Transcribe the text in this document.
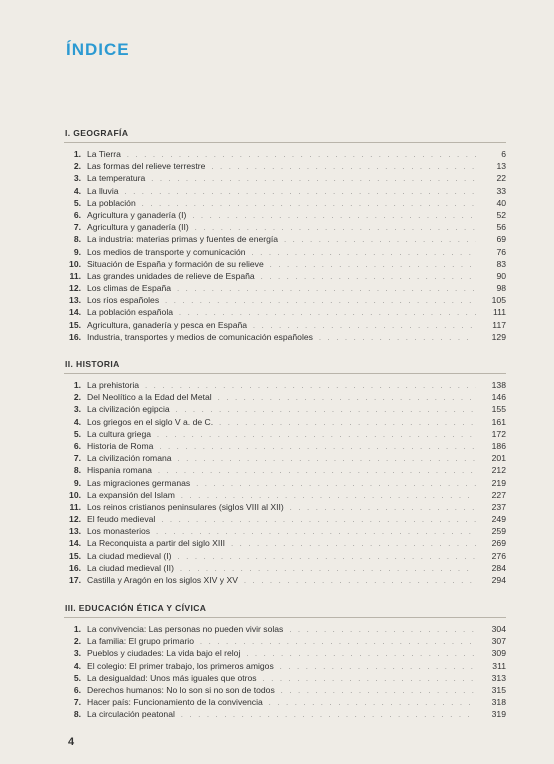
ÍNDICE
I. GEOGRAFÍA
1. La Tierra . . .	6
2. Las formas del relieve terrestre . . .	13
3. La temperatura . . .	22
4. La lluvia . . .	33
5. La población . . .	40
6. Agricultura y ganadería (I) . . .	52
7. Agricultura y ganadería (II) . . .	56
8. La industria: materias primas y fuentes de energía . . .	69
9. Los medios de transporte y comunicación . . .	76
10. Situación de España y formación de su relieve . . .	83
11. Las grandes unidades de relieve de España . . .	90
12. Los climas de España . . .	98
13. Los ríos españoles . . .	105
14. La población española . . .	111
15. Agricultura, ganadería y pesca en España . . .	117
16. Industria, transportes y medios de comunicación españoles . . .	129
II. HISTORIA
1. La prehistoria . . .	138
2. Del Neolítico a la Edad del Metal . . .	146
3. La civilización egipcia . . .	155
4. Los griegos en el siglo V a. de C. . . .	161
5. La cultura griega . . .	172
6. Historia de Roma . . .	186
7. La civilización romana . . .	201
8. Hispania romana . . .	212
9. Las migraciones germanas . . .	219
10. La expansión del Islam . . .	227
11. Los reinos cristianos peninsulares (siglos VIII al XII) . . .	237
12. El feudo medieval . . .	249
13. Los monasterios . . .	259
14. La Reconquista a partir del siglo XIII . . .	269
15. La ciudad medieval (I) . . .	276
16. La ciudad medieval (II) . . .	284
17. Castilla y Aragón en los siglos XIV y XV . . .	294
III. EDUCACIÓN ÉTICA Y CÍVICA
1. La convivencia: Las personas no pueden vivir solas . . .	304
2. La familia: El grupo primario . . .	307
3. Pueblos y ciudades: La vida bajo el reloj . . .	309
4. El colegio: El primer trabajo, los primeros amigos . . .	311
5. La desigualdad: Unos más iguales que otros . . .	313
6. Derechos humanos: No lo son si no son de todos . . .	315
7. Hacer país: Funcionamiento de la convivencia . . .	318
8. La circulación peatonal . . .	319
4
